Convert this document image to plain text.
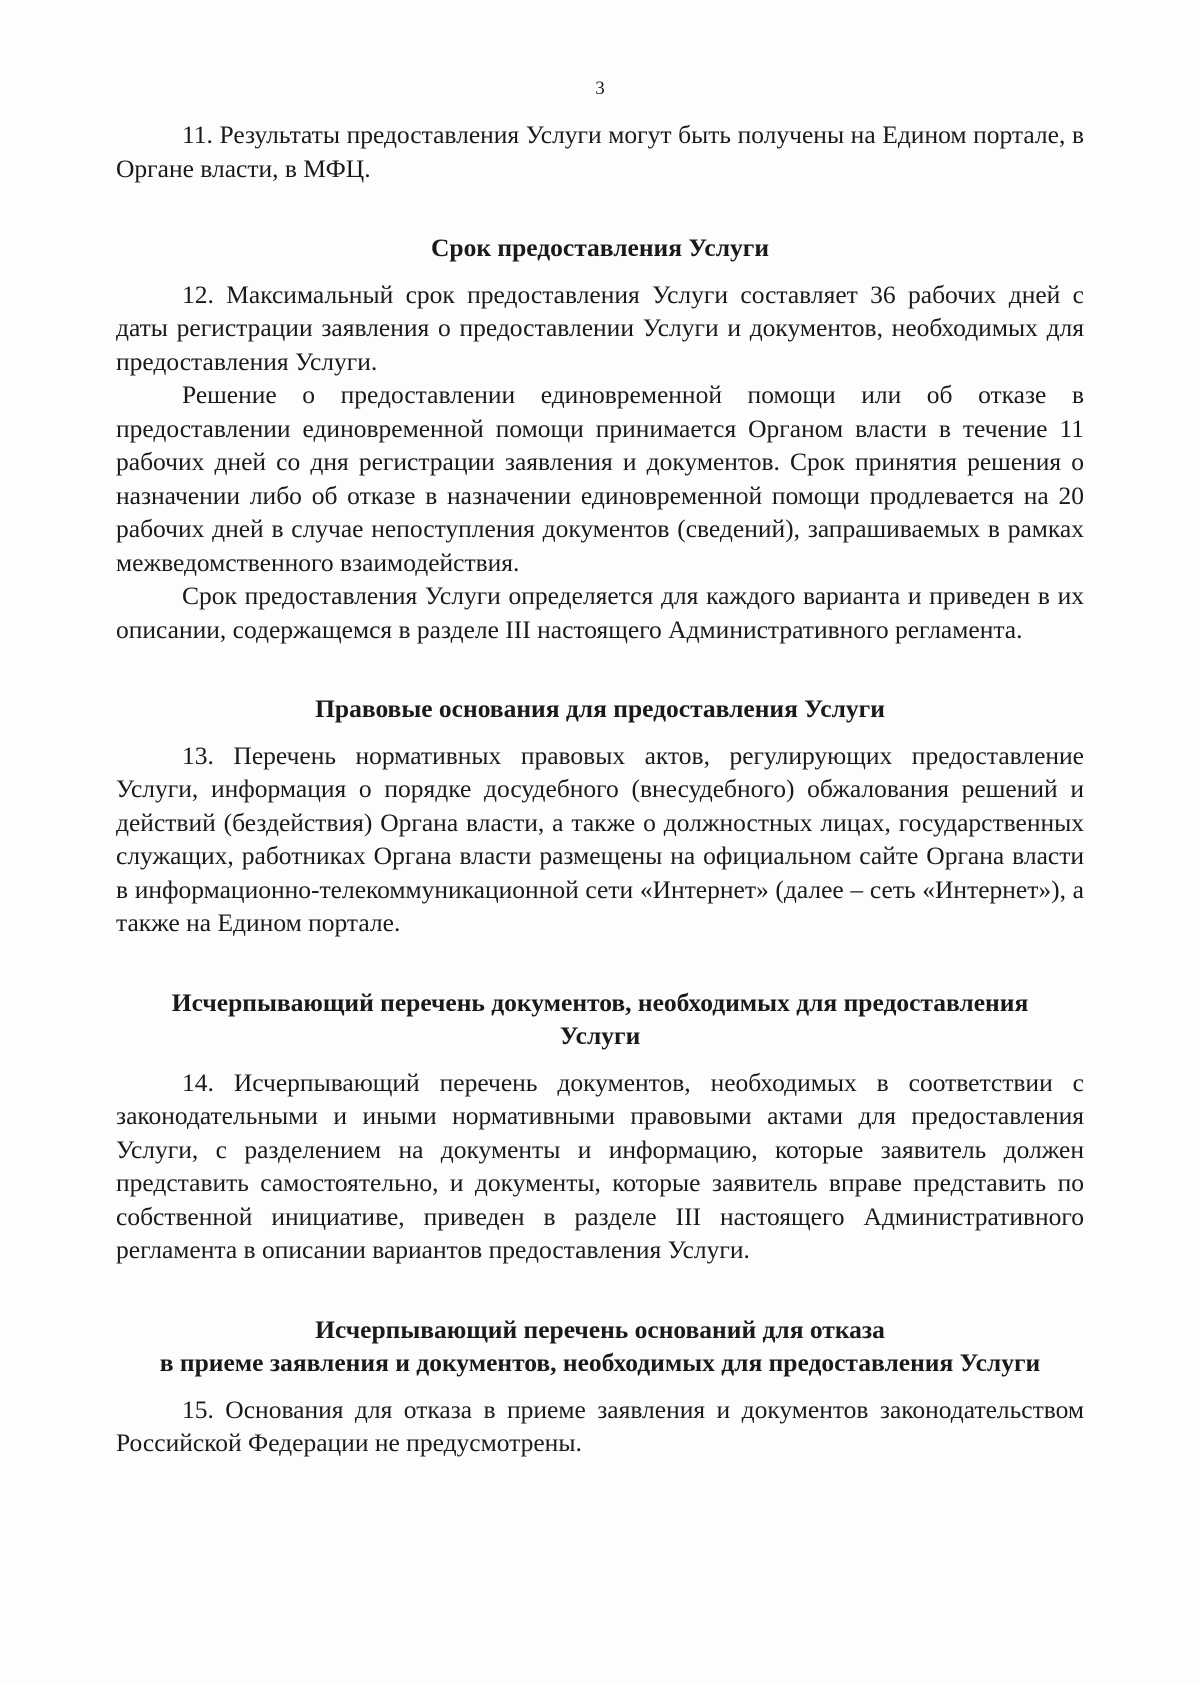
3

11. Результаты предоставления Услуги могут быть получены на Едином портале, в Органе власти, в МФЦ.

Срок предоставления Услуги

12. Максимальный срок предоставления Услуги составляет 36 рабочих дней с даты регистрации заявления о предоставлении Услуги и документов, необходимых для предоставления Услуги.

Решение о предоставлении единовременной помощи или об отказе в предоставлении единовременной помощи принимается Органом власти в течение 11 рабочих дней со дня регистрации заявления и документов. Срок принятия решения о назначении либо об отказе в назначении единовременной помощи продлевается на 20 рабочих дней в случае непоступления документов (сведений), запрашиваемых в рамках межведомственного взаимодействия.

Срок предоставления Услуги определяется для каждого варианта и приведен в их описании, содержащемся в разделе III настоящего Административного регламента.

Правовые основания для предоставления Услуги

13. Перечень нормативных правовых актов, регулирующих предоставление Услуги, информация о порядке досудебного (внесудебного) обжалования решений и действий (бездействия) Органа власти, а также о должностных лицах, государственных служащих, работниках Органа власти размещены на официальном сайте Органа власти в информационно-телекоммуникационной сети «Интернет» (далее – сеть «Интернет»), а также на Едином портале.

Исчерпывающий перечень документов, необходимых для предоставления
Услуги

14. Исчерпывающий перечень документов, необходимых в соответствии с законодательными и иными нормативными правовыми актами для предоставления Услуги, с разделением на документы и информацию, которые заявитель должен представить самостоятельно, и документы, которые заявитель вправе представить по собственной инициативе, приведен в разделе III настоящего Административного регламента в описании вариантов предоставления Услуги.

Исчерпывающий перечень оснований для отказа
в приеме заявления и документов, необходимых для предоставления Услуги

15. Основания для отказа в приеме заявления и документов законодательством Российской Федерации не предусмотрены.
